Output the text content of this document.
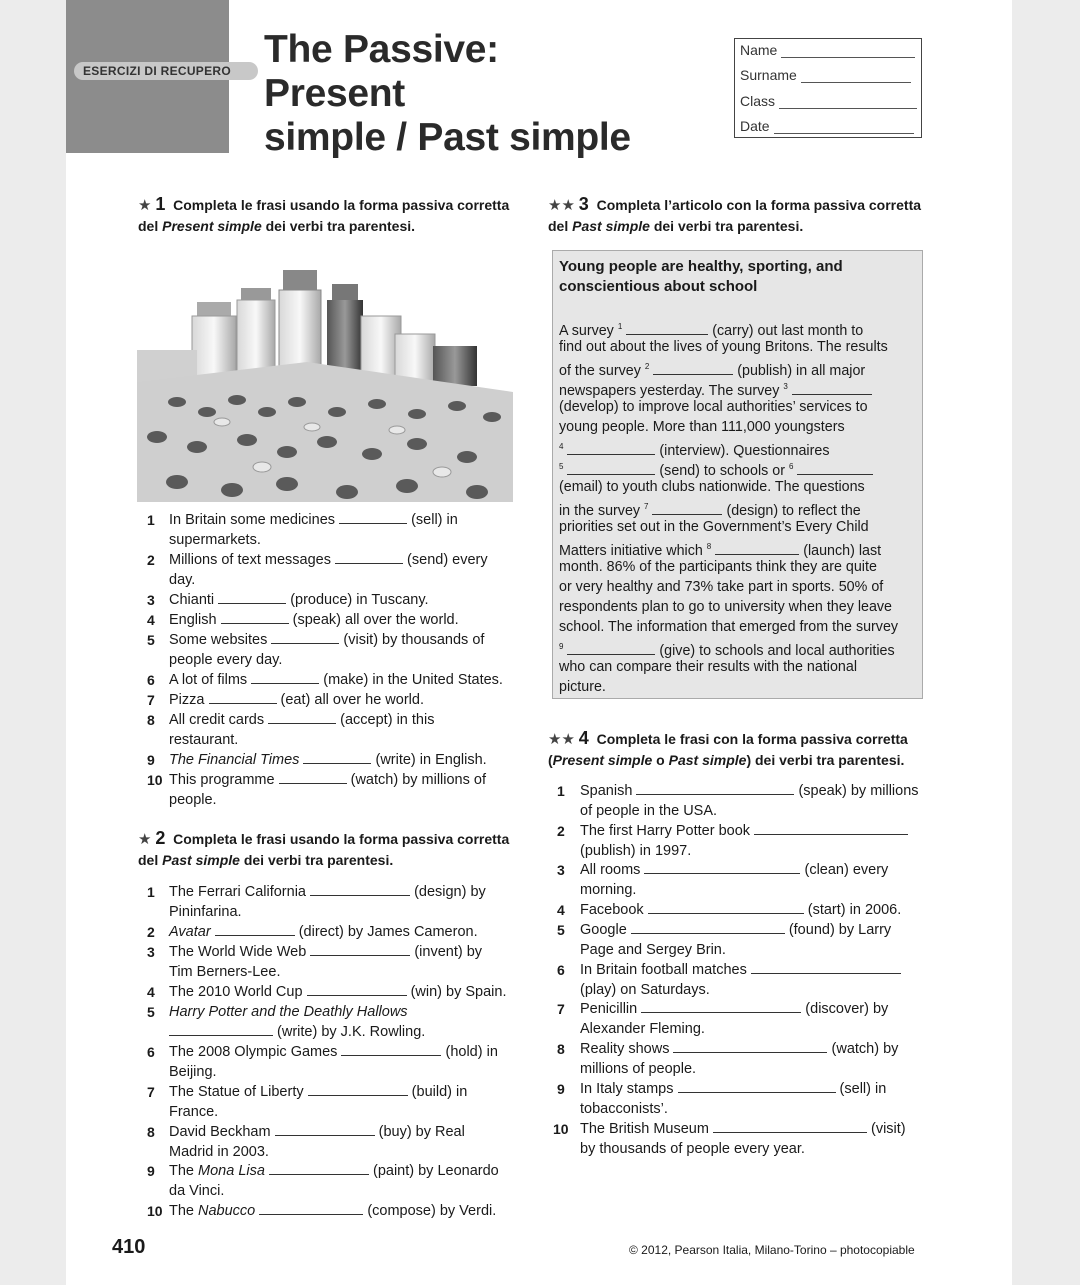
ESERCIZI DI RECUPERO The Passive: Present
simple / Past simple
Name
Surname
Class
Date
★ 1 Completa le frasi usando la forma passiva corretta
del Present simple dei verbi tra parentesi.
1 In Britain some medicines	(sell) in
supermarkets.
2 Millions of text messages	(send) every
day.
3 Chianti	(produce) in Tuscany.
4 English	(speak) all over the world.
5 Some websites	(visit) by thousands of
people every day.
6 A lot of films	(make) in the United States.
7 Pizza	(eat) all over he world.
8 All credit cards	(accept) in this
restaurant.
9 The Financial Times	(write) in English.
10 This programme	(watch) by millions of
people.
★ 2 Completa le frasi usando la forma passiva corretta
del Past simple dei verbi tra parentesi.
1 The Ferrari California	(design) by
Pininfarina.
2 Avatar	(direct) by James Cameron.
3 The World Wide Web	(invent) by
Tim Berners-Lee.
4 The 2010 World Cup	(win) by Spain.
5 Harry Potter and the Deathly Hallows
(write) by J.K. Rowling.
6 The 2008 Olympic Games	(hold) in
Beijing.
7 The Statue of Liberty	(build) in
France.
8 David Beckham	(buy) by Real
Madrid in 2003.
9 The Mona Lisa	(paint) by Leonardo
da Vinci.
10 The Nabucco	(compose) by Verdi.
★★ 3 Completa l’articolo con la forma passiva corretta
del Past simple dei verbi tra parentesi.
Young people are healthy, sporting, and
conscientious about school
A survey $^1$	(carry) out last month to
find out about the lives of young Britons. The results
of the survey $^2$	(publish) in all major
newspapers yesterday. The survey $^3$
(develop) to improve local authorities’ services to
young people. More than 111,000 youngsters
$^4$	(interview). Questionnaires
$^5$	(send) to schools or $^6$
(email) to youth clubs nationwide. The questions
in the survey $^7$	(design) to reflect the
priorities set out in the Government’s Every Child
Matters initiative which $^8$	(launch) last
month. 86% of the participants think they are quite
or very healthy and 73% take part in sports. 50% of
respondents plan to go to university when they leave
school. The information that emerged from the survey
$^9$	(give) to schools and local authorities
who can compare their results with the national
picture.
★★ 4 Completa le frasi con la forma passiva corretta
(Present simple o Past simple) dei verbi tra parentesi.
1 Spanish	(speak) by millions
of people in the USA.
2 The first Harry Potter book
(publish) in 1997.
3 All rooms	(clean) every
morning.
4 Facebook	(start) in 2006.
5 Google	(found) by Larry
Page and Sergey Brin.
6 In Britain football matches
(play) on Saturdays.
7 Penicillin	(discover) by
Alexander Fleming.
8 Reality shows	(watch) by
millions of people.
9 In Italy stamps	(sell) in
tobacconists’.
10 The British Museum	(visit)
by thousands of people every year.
410	© 2012, Pearson Italia, Milano-Torino – photocopiable
